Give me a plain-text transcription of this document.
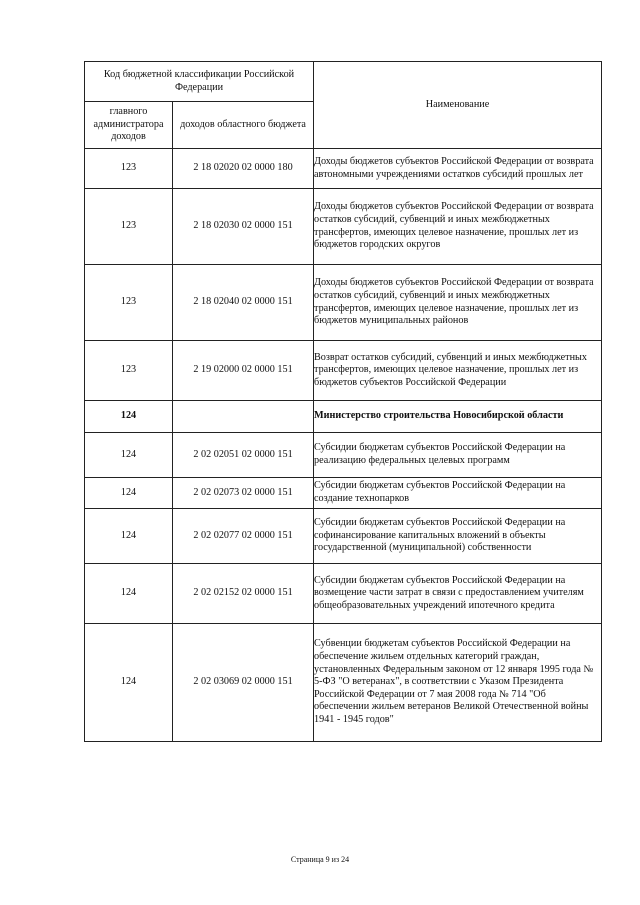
Код бюджетной классификации Российской Федерации		Наименование
главного администратора доходов	доходов областного бюджета	
123	2 18 02020 02 0000 180	Доходы бюджетов субъектов Российской Федерации от возврата автономными учреждениями остатков субсидий прошлых лет
123	2 18 02030 02 0000 151	Доходы бюджетов субъектов Российской Федерации от возврата остатков субсидий, субвенций и иных межбюджетных трансфертов, имеющих целевое назначение, прошлых лет из бюджетов городских округов
123	2 18 02040 02 0000 151	Доходы бюджетов субъектов Российской Федерации от возврата остатков субсидий, субвенций и иных межбюджетных трансфертов, имеющих целевое назначение, прошлых лет из бюджетов муниципальных районов
123	2 19 02000 02 0000 151	Возврат остатков субсидий, субвенций и иных межбюджетных трансфертов, имеющих целевое назначение, прошлых лет из бюджетов субъектов Российской Федерации
124		Министерство строительства Новосибирской области
124	2 02 02051 02 0000 151	Субсидии бюджетам субъектов Российской Федерации на реализацию федеральных целевых программ
124	2 02 02073 02 0000 151	Субсидии бюджетам субъектов Российской Федерации на создание технопарков
124	2 02 02077 02 0000 151	Субсидии бюджетам субъектов Российской Федерации на софинансирование капитальных вложений в объекты государственной (муниципальной) собственности
124	2 02 02152 02 0000 151	Субсидии бюджетам субъектов Российской Федерации на возмещение части затрат в связи с предоставлением учителям общеобразовательных учреждений ипотечного кредита
124	2 02 03069 02 0000 151	Субвенции бюджетам субъектов Российской Федерации на обеспечение жильем отдельных категорий граждан, установленных Федеральным законом от 12 января 1995 года № 5-ФЗ "О ветеранах", в соответствии с Указом Президента Российской Федерации от 7 мая 2008 года № 714 "Об обеспечении жильем ветеранов Великой Отечественной войны 1941 - 1945 годов"
Страница 9 из 24
